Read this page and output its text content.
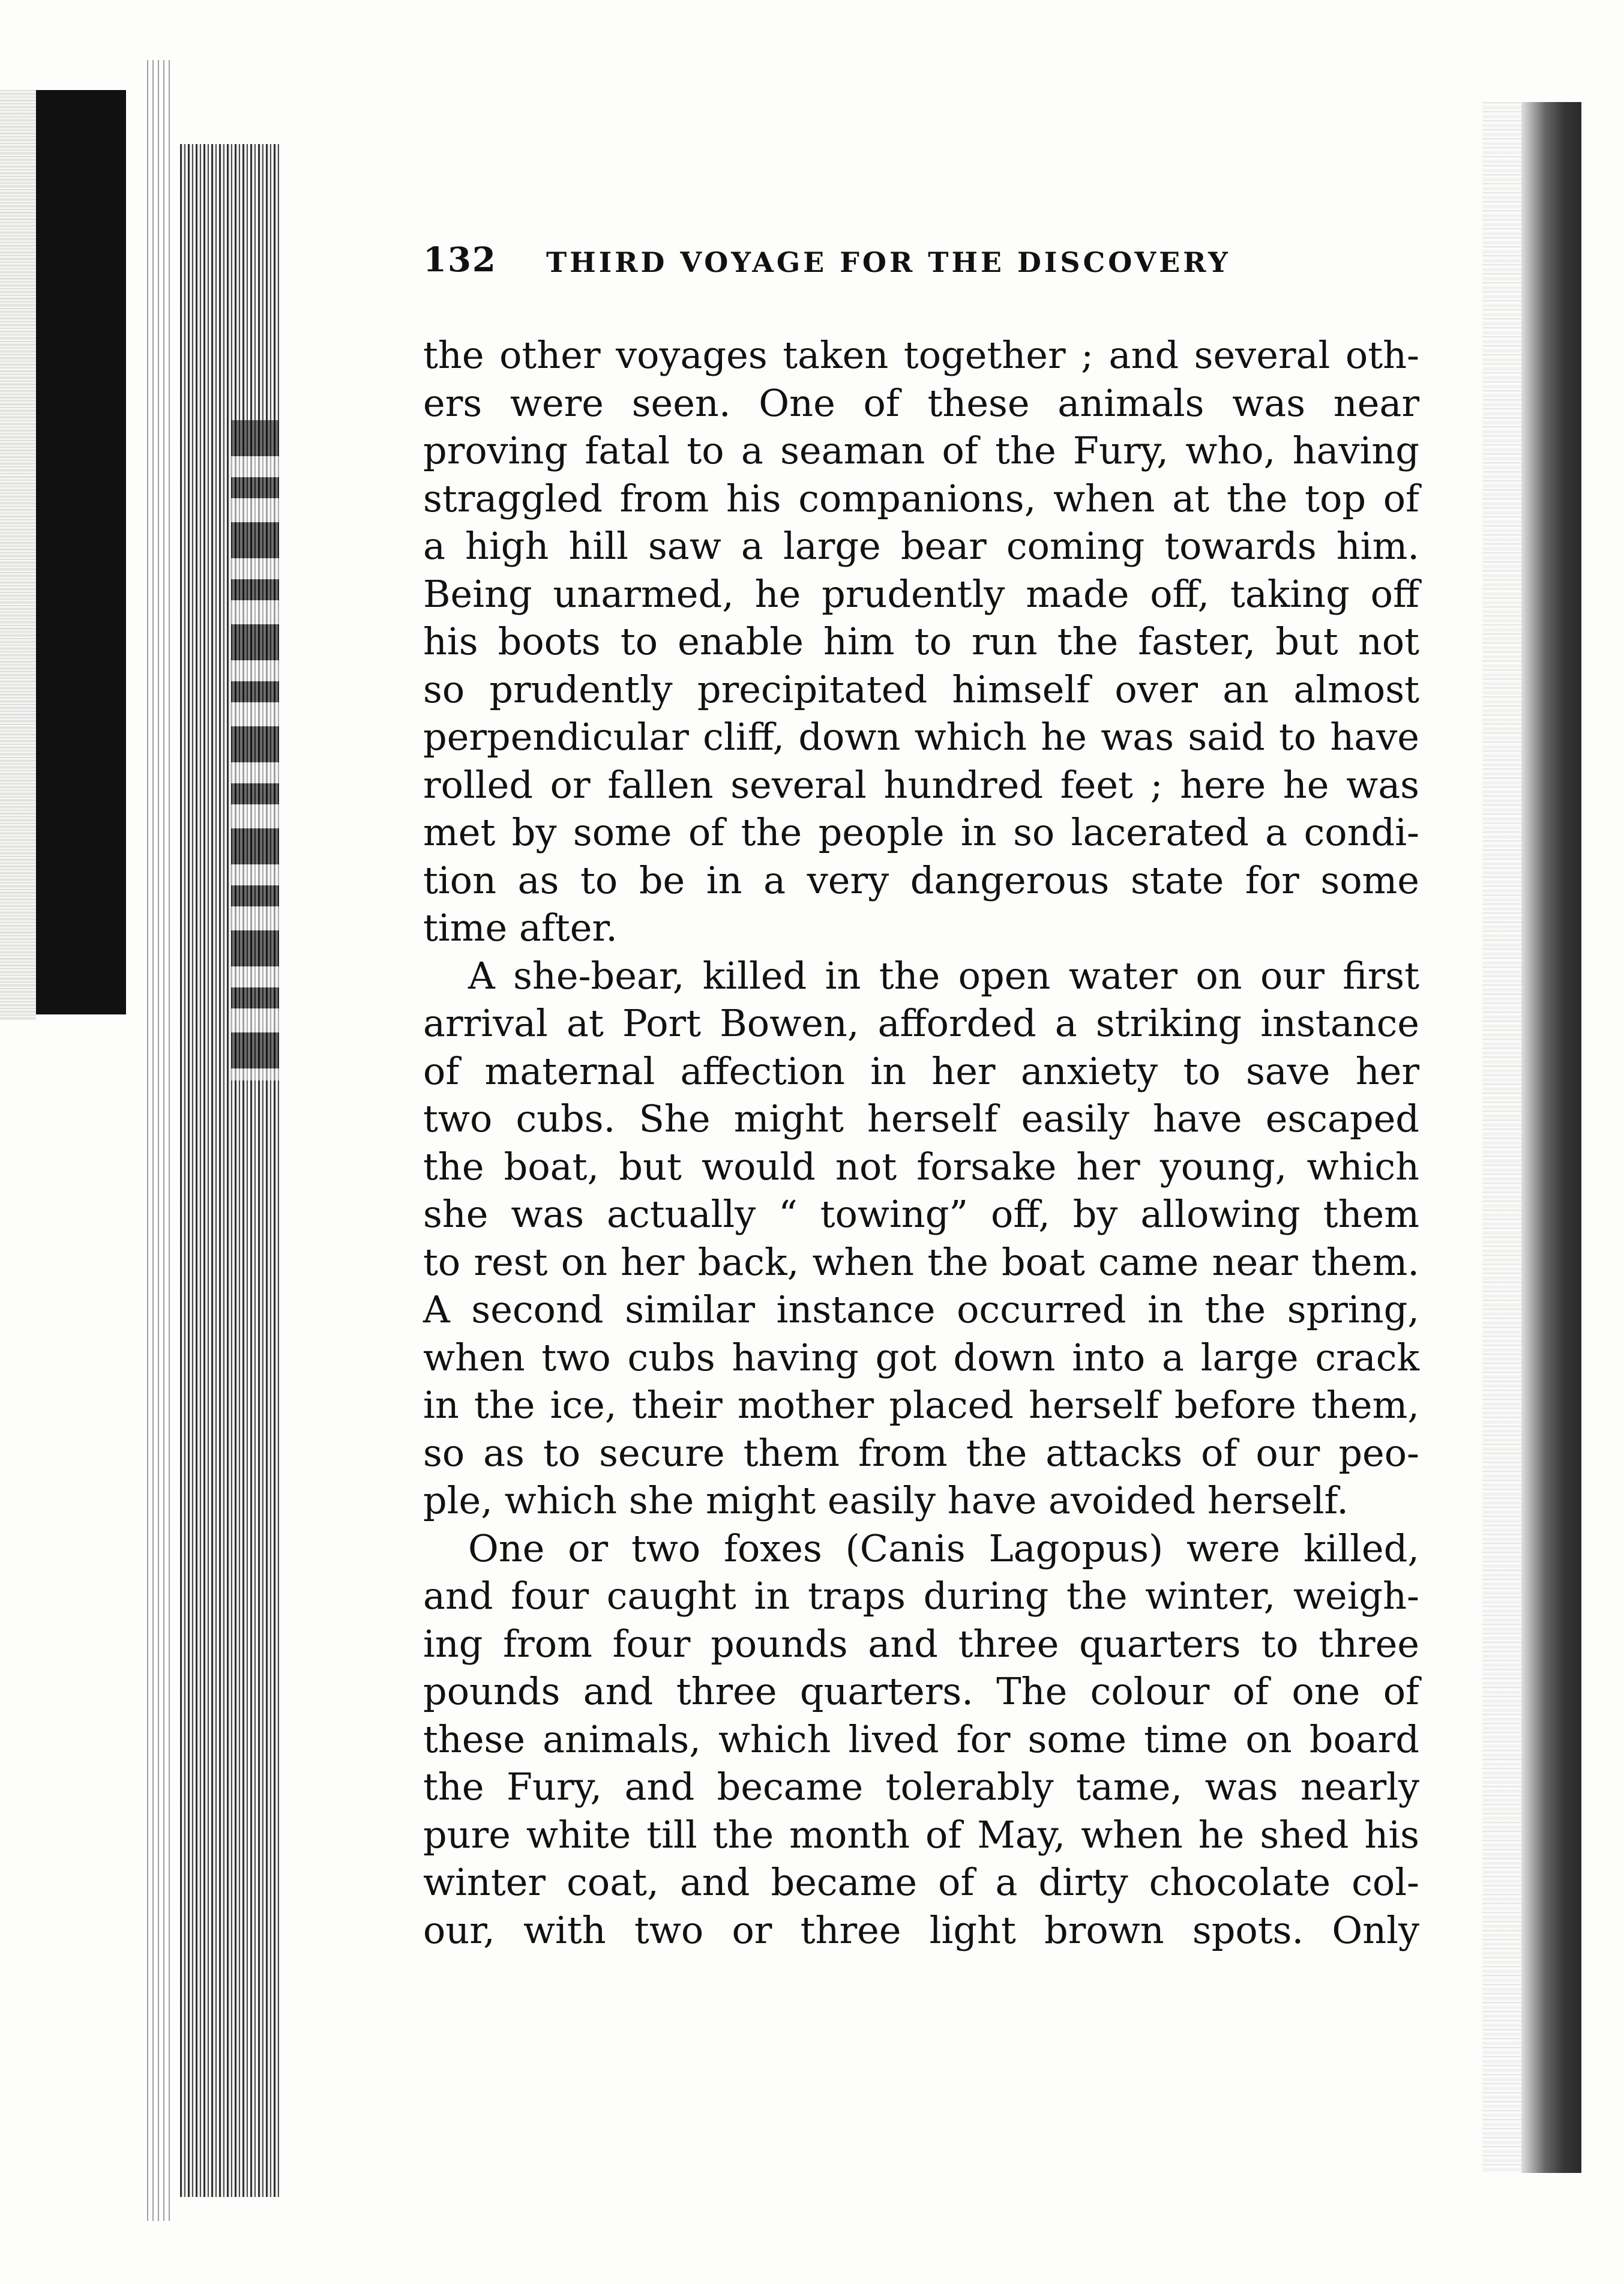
132 THIRD VOYAGE FOR THE DISCOVERY
the other voyages taken together ; and several oth-
ers were seen. One of these animals was near
proving fatal to a seaman of the Fury, who, having
straggled from his companions, when at the top of
a high hill saw a large bear coming towards him.
Being unarmed, he prudently made off, taking off
his boots to enable him to run the faster, but not
so prudently precipitated himself over an almost
perpendicular cliff, down which he was said to have
rolled or fallen several hundred feet ; here he was
met by some of the people in so lacerated a condi-
tion as to be in a very dangerous state for some
time after.
A she-bear, killed in the open water on our first
arrival at Port Bowen, afforded a striking instance
of maternal affection in her anxiety to save her
two cubs. She might herself easily have escaped
the boat, but would not forsake her young, which
she was actually “ towing” off, by allowing them
to rest on her back, when the boat came near them.
A second similar instance occurred in the spring,
when two cubs having got down into a large crack
in the ice, their mother placed herself before them,
so as to secure them from the attacks of our peo-
ple, which she might easily have avoided herself.
One or two foxes (Canis Lagopus) were killed,
and four caught in traps during the winter, weigh-
ing from four pounds and three quarters to three
pounds and three quarters. The colour of one of
these animals, which lived for some time on board
the Fury, and became tolerably tame, was nearly
pure white till the month of May, when he shed his
winter coat, and became of a dirty chocolate col-
our, with two or three light brown spots. Only
